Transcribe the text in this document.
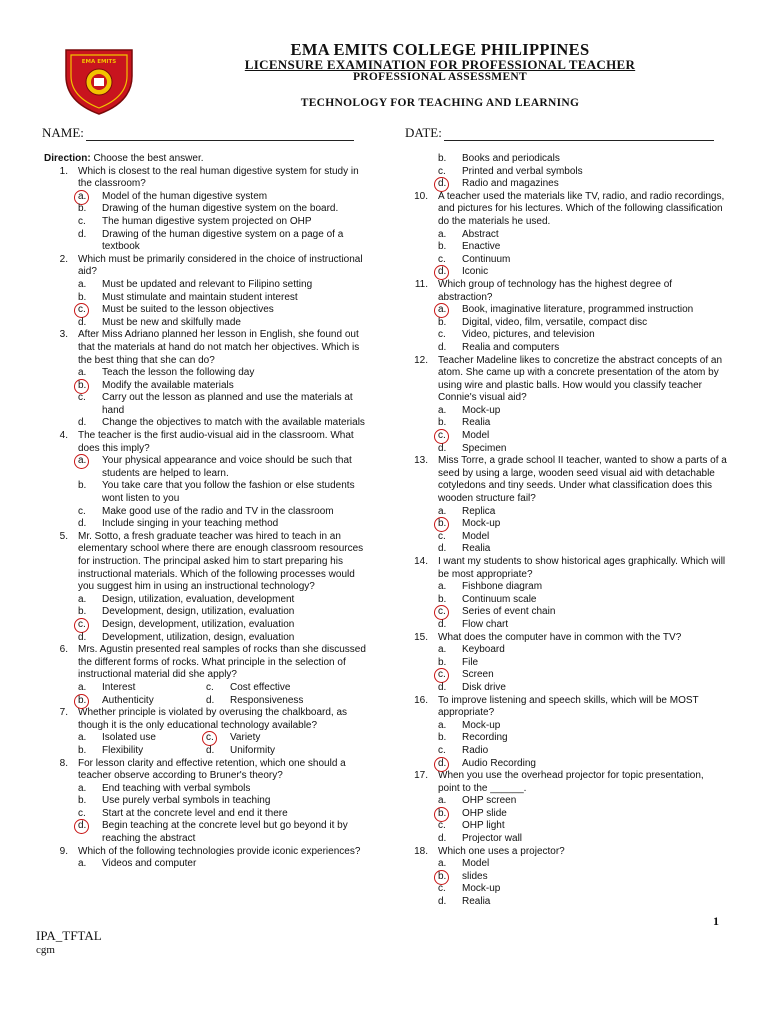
EMA EMITS
EMA EMITS COLLEGE PHILIPPINES
LICENSURE EXAMINATION FOR PROFESSIONAL TEACHER
PROFESSIONAL ASSESSMENT
TECHNOLOGY FOR TEACHING AND LEARNING
NAME:	DATE:
Direction: Choose the best answer.
1.	Which is closest to the real human digestive system for study in the classroom?
a.	Model of the human digestive system
b.	Drawing of the human digestive system on the board.
c.	The human digestive system projected on OHP
d.	Drawing of the human digestive system on a page of a textbook
2.	Which must be primarily considered in the choice of instructional aid?
a.	Must be updated and relevant to Filipino setting
b.	Must stimulate and maintain student interest
c.	Must be suited to the lesson objectives
d.	Must be new and skilfully made
3.	After Miss Adriano planned her lesson in English, she found out that the materials at hand do not match her objectives. Which is the best thing that she can do?
a.	Teach the lesson the following day
b.	Modify the available materials
c.	Carry out the lesson as planned and use the materials at hand
d.	Change the objectives to match with the available materials
4.	The teacher is the first audio-visual aid in the classroom. What does this imply?
a.	Your physical appearance and voice should be such that students are helped to learn.
b.	You take care that you follow the fashion or else students wont listen to you
c.	Make good use of the radio and TV in the classroom
d.	Include singing in your teaching method
5.	Mr. Sotto, a fresh graduate teacher was hired to teach in an elementary school where there are enough classroom resources for instruction. The principal asked him to start preparing his instructional materials. Which of the following processes would you suggest him in using an instructional technology?
a.	Design, utilization, evaluation, development
b.	Development, design, utilization, evaluation
c.	Design, development, utilization, evaluation
d.	Development, utilization, design, evaluation
6.	Mrs. Agustin presented real samples of rocks than she discussed the different forms of rocks. What principle in the selection of instructional material did she apply?
a.	Interest	c.	Cost effective
b.	Authenticity	d.	Responsiveness
7.	Whether principle is violated by overusing the chalkboard, as though it is the only educational technology available?
a.	Isolated use	c.	Variety
b.	Flexibility	d.	Uniformity
8.	For lesson clarity and effective retention, which one should a teacher observe according to Bruner's theory?
a.	End teaching with verbal symbols
b.	Use purely verbal symbols in teaching
c.	Start at the concrete level and end it there
d.	Begin teaching at the concrete level but go beyond it by reaching the abstract
9.	Which of the following technologies provide iconic experiences?
a.	Videos and computer
b.	Books and periodicals
c.	Printed and verbal symbols
d.	Radio and magazines
10.	A teacher used the materials like TV, radio, and radio recordings, and pictures for his lectures. Which of the following classification do the materials he used.
a.	Abstract
b.	Enactive
c.	Continuum
d.	Iconic
11.	Which group of technology has the highest degree of abstraction?
a.	Book, imaginative literature, programmed instruction
b.	Digital, video, film, versatile, compact disc
c.	Video, pictures, and television
d.	Realia and computers
12.	Teacher Madeline likes to concretize the abstract concepts of an atom. She came up with a concrete presentation of the atom by using wire and plastic balls. How would you classify teacher Connie's visual aid?
a.	Mock-up
b.	Realia
c.	Model
d.	Specimen
13.	Miss Torre, a grade school II teacher, wanted to show a parts of a seed by using a large, wooden seed visual aid with detachable cotyledons and tiny seeds. Under what classification does this wooden structure fail?
a.	Replica
b.	Mock-up
c.	Model
d.	Realia
14.	I want my students to show historical ages graphically. Which will be most appropriate?
a.	Fishbone diagram
b.	Continuum scale
c.	Series of event chain
d.	Flow chart
15.	What does the computer have in common with the TV?
a.	Keyboard
b.	File
c.	Screen
d.	Disk drive
16.	To improve listening and speech skills, which will be MOST appropriate?
a.	Mock-up
b.	Recording
c.	Radio
d.	Audio Recording
17.	When you use the overhead projector for topic presentation, point to the ______.
a.	OHP screen
b.	OHP slide
c.	OHP light
d.	Projector wall
18.	Which one uses a projector?
a.	Model
b.	slides
c.	Mock-up
d.	Realia
IPA_TFTAL
cgm
1
